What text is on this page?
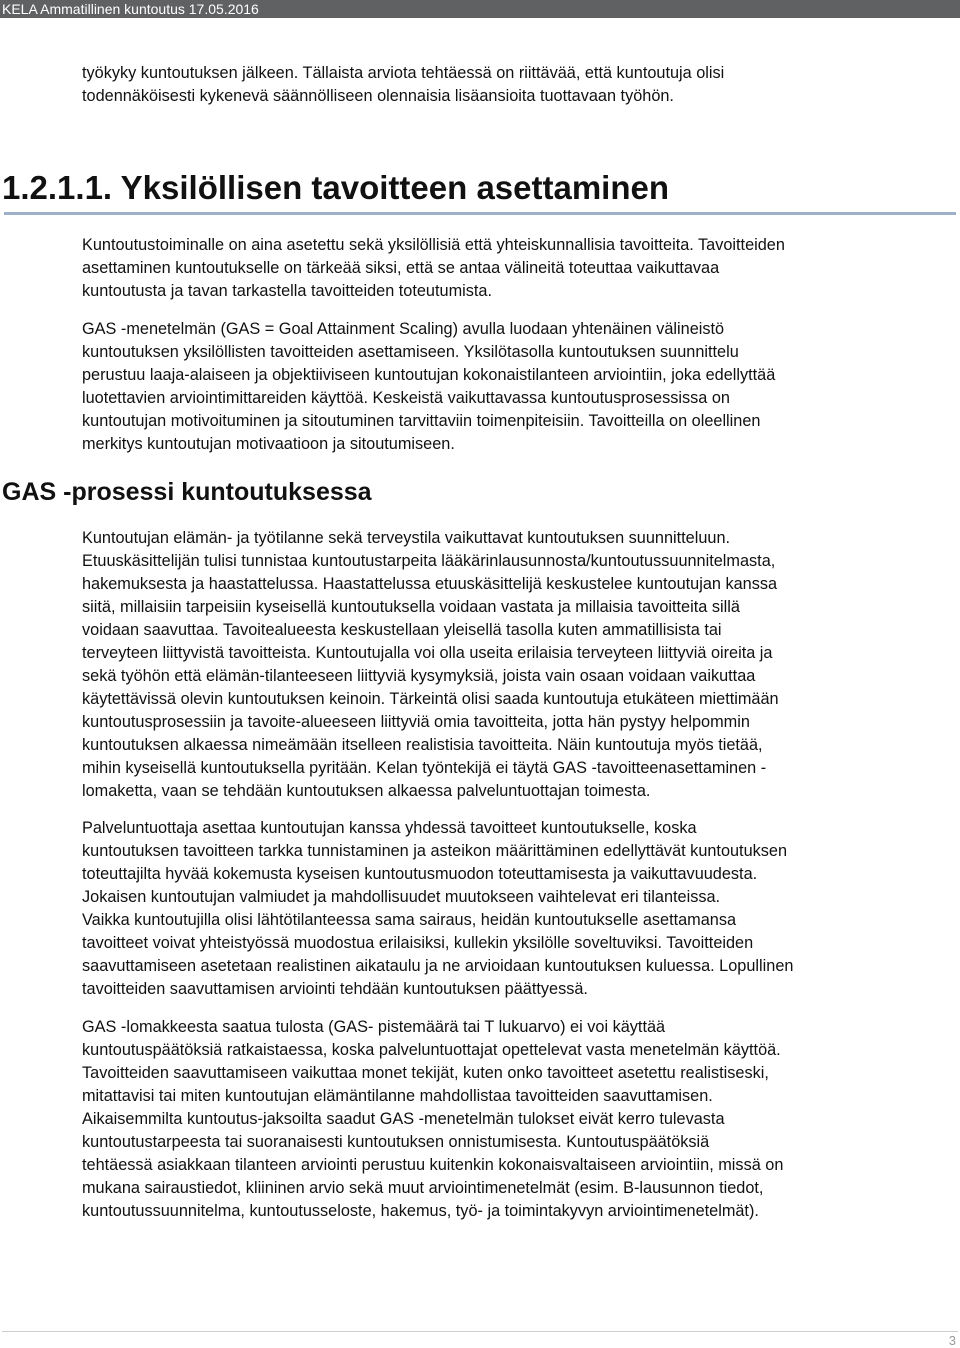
KELA Ammatillinen kuntoutus 17.05.2016

työkyky kuntoutuksen jälkeen. Tällaista arviota tehtäessä on riittävää, että kuntoutuja olisi
todennäköisesti kykenevä säännölliseen olennaisia lisäansioita tuottavaan työhön.

1.2.1.1. Yksilöllisen tavoitteen asettaminen

Kuntoutustoiminalle on aina asetettu sekä yksilöllisiä että yhteiskunnallisia tavoitteita. Tavoitteiden
asettaminen kuntoutukselle on tärkeää siksi, että se antaa välineitä toteuttaa vaikuttavaa
kuntoutusta ja tavan tarkastella tavoitteiden toteutumista.

GAS -menetelmän (GAS = Goal Attainment Scaling) avulla luodaan yhtenäinen välineistö
kuntoutuksen yksilöllisten tavoitteiden asettamiseen. Yksilötasolla kuntoutuksen suunnittelu
perustuu laaja-alaiseen ja objektiiviseen kuntoutujan kokonaistilanteen arviointiin, joka edellyttää
luotettavien arviointimittareiden käyttöä. Keskeistä vaikuttavassa kuntoutusprosessissa on
kuntoutujan motivoituminen ja sitoutuminen tarvittaviin toimenpiteisiin. Tavoitteilla on oleellinen
merkitys kuntoutujan motivaatioon ja sitoutumiseen.

GAS -prosessi kuntoutuksessa

Kuntoutujan elämän- ja työtilanne sekä terveystila vaikuttavat kuntoutuksen suunnitteluun.
Etuuskäsittelijän tulisi tunnistaa kuntoutustarpeita lääkärinlausunnosta/kuntoutussuunnitelmasta,
hakemuksesta ja haastattelussa. Haastattelussa etuuskäsittelijä keskustelee kuntoutujan kanssa
siitä, millaisiin tarpeisiin kyseisellä kuntoutuksella voidaan vastata ja millaisia tavoitteita sillä
voidaan saavuttaa. Tavoitealueesta keskustellaan yleisellä tasolla kuten ammatillisista tai
terveyteen liittyvistä tavoitteista. Kuntoutujalla voi olla useita erilaisia terveyteen liittyviä oireita ja
sekä työhön että elämän-tilanteeseen liittyviä kysymyksiä, joista vain osaan voidaan vaikuttaa
käytettävissä olevin kuntoutuksen keinoin. Tärkeintä olisi saada kuntoutuja etukäteen miettimään
kuntoutusprosessiin ja tavoite-alueeseen liittyviä omia tavoitteita, jotta hän pystyy helpommin
kuntoutuksen alkaessa nimeämään itselleen realistisia tavoitteita. Näin kuntoutuja myös tietää,
mihin kyseisellä kuntoutuksella pyritään. Kelan työntekijä ei täytä GAS -tavoitteenasettaminen -
lomaketta, vaan se tehdään kuntoutuksen alkaessa palveluntuottajan toimesta.

Palveluntuottaja asettaa kuntoutujan kanssa yhdessä tavoitteet kuntoutukselle, koska
kuntoutuksen tavoitteen tarkka tunnistaminen ja asteikon määrittäminen edellyttävät kuntoutuksen
toteuttajilta hyvää kokemusta kyseisen kuntoutusmuodon toteuttamisesta ja vaikuttavuudesta.
Jokaisen kuntoutujan valmiudet ja mahdollisuudet muutokseen vaihtelevat eri tilanteissa.
Vaikka kuntoutujilla olisi lähtötilanteessa sama sairaus, heidän kuntoutukselle asettamansa
tavoitteet voivat yhteistyössä muodostua erilaisiksi, kullekin yksilölle soveltuviksi. Tavoitteiden
saavuttamiseen asetetaan realistinen aikataulu ja ne arvioidaan kuntoutuksen kuluessa. Lopullinen
tavoitteiden saavuttamisen arviointi tehdään kuntoutuksen päättyessä.

GAS -lomakkeesta saatua tulosta (GAS- pistemäärä tai T lukuarvo) ei voi käyttää
kuntoutuspäätöksiä ratkaistaessa, koska palveluntuottajat opettelevat vasta menetelmän käyttöä.
Tavoitteiden saavuttamiseen vaikuttaa monet tekijät, kuten onko tavoitteet asetettu realistiseski,
mitattavisi tai miten kuntoutujan elämäntilanne mahdollistaa tavoitteiden saavuttamisen.
Aikaisemmilta kuntoutus-jaksoilta saadut GAS -menetelmän tulokset eivät kerro tulevasta
kuntoutustarpeesta tai suoranaisesti kuntoutuksen onnistumisesta. Kuntoutuspäätöksiä
tehtäessä asiakkaan tilanteen arviointi perustuu kuitenkin kokonaisvaltaiseen arviointiin, missä on
mukana sairaustiedot, kliininen arvio sekä muut arviointimenetelmät (esim. B-lausunnon tiedot,
kuntoutussuunnitelma, kuntoutusseloste, hakemus, työ- ja toimintakyvyn arviointimenetelmät).

3
